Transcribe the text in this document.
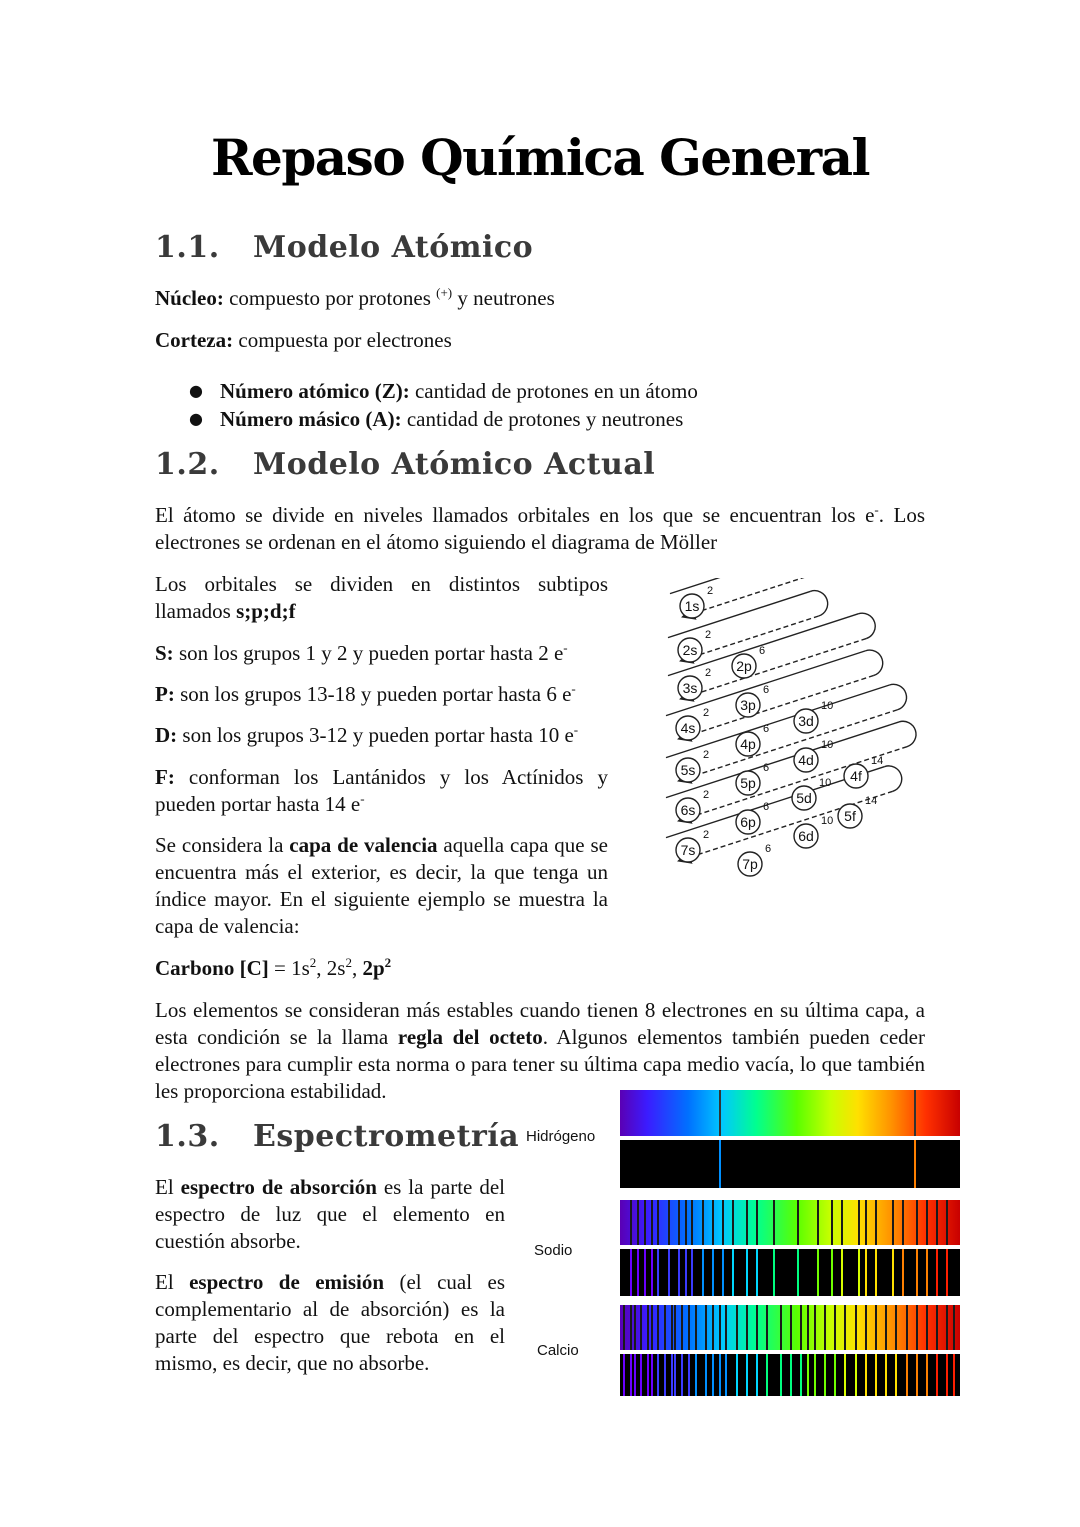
Repaso Química General
1.1. Modelo Atómico
Núcleo: compuesto por protones (+) y neutrones
Corteza: compuesta por electrones
● Número atómico (Z): cantidad de protones en un átomo
● Número másico (A): cantidad de protones y neutrones
1.2. Modelo Atómico Actual
El átomo se divide en niveles llamados orbitales en los que se encuentran los e-. Los electrones se ordenan en el átomo siguiendo el diagrama de Möller
Los orbitales se dividen en distintos subtipos llamados s;p;d;f
S: son los grupos 1 y 2 y pueden portar hasta 2 e-
P: son los grupos 13-18 y pueden portar hasta 6 e-
D: son los grupos 3-12 y pueden portar hasta 10 e-
F: conforman los Lantánidos y los Actínidos y pueden portar hasta 14 e-
Se considera la capa de valencia aquella capa que se encuentra más el exterior, es decir, la que tenga un índice mayor. En el siguiente ejemplo se muestra la capa de valencia:
Carbono $[C] = 1s^2$, $2s^2$, $2p^2$
Los elementos se consideran más estables cuando tienen 8 electrones en su última capa, a esta condición se la llama regla del octeto. Algunos elementos también pueden ceder electrones para cumplir esta norma o para tener su última capa medio vacía, lo que también les proporciona estabilidad.
1s
2
2s
2
2p
6
3s
2
3p
6
3d
10
4s
2
4p
6
4d
10
4f
14
5s
2
5p
6
5d
10
5f
14
6s
2
6p
6
6d
10
7s
2
7p
6
1.3. Espectrometría
El espectro de absorción es la parte del espectro de luz que el elemento en cuestión absorbe.
El espectro de emisión (el cual es complementario al de absorción) es la parte del espectro que rebota en el mismo, es decir, que no absorbe.
Hidrógeno
Sodio
Calcio
